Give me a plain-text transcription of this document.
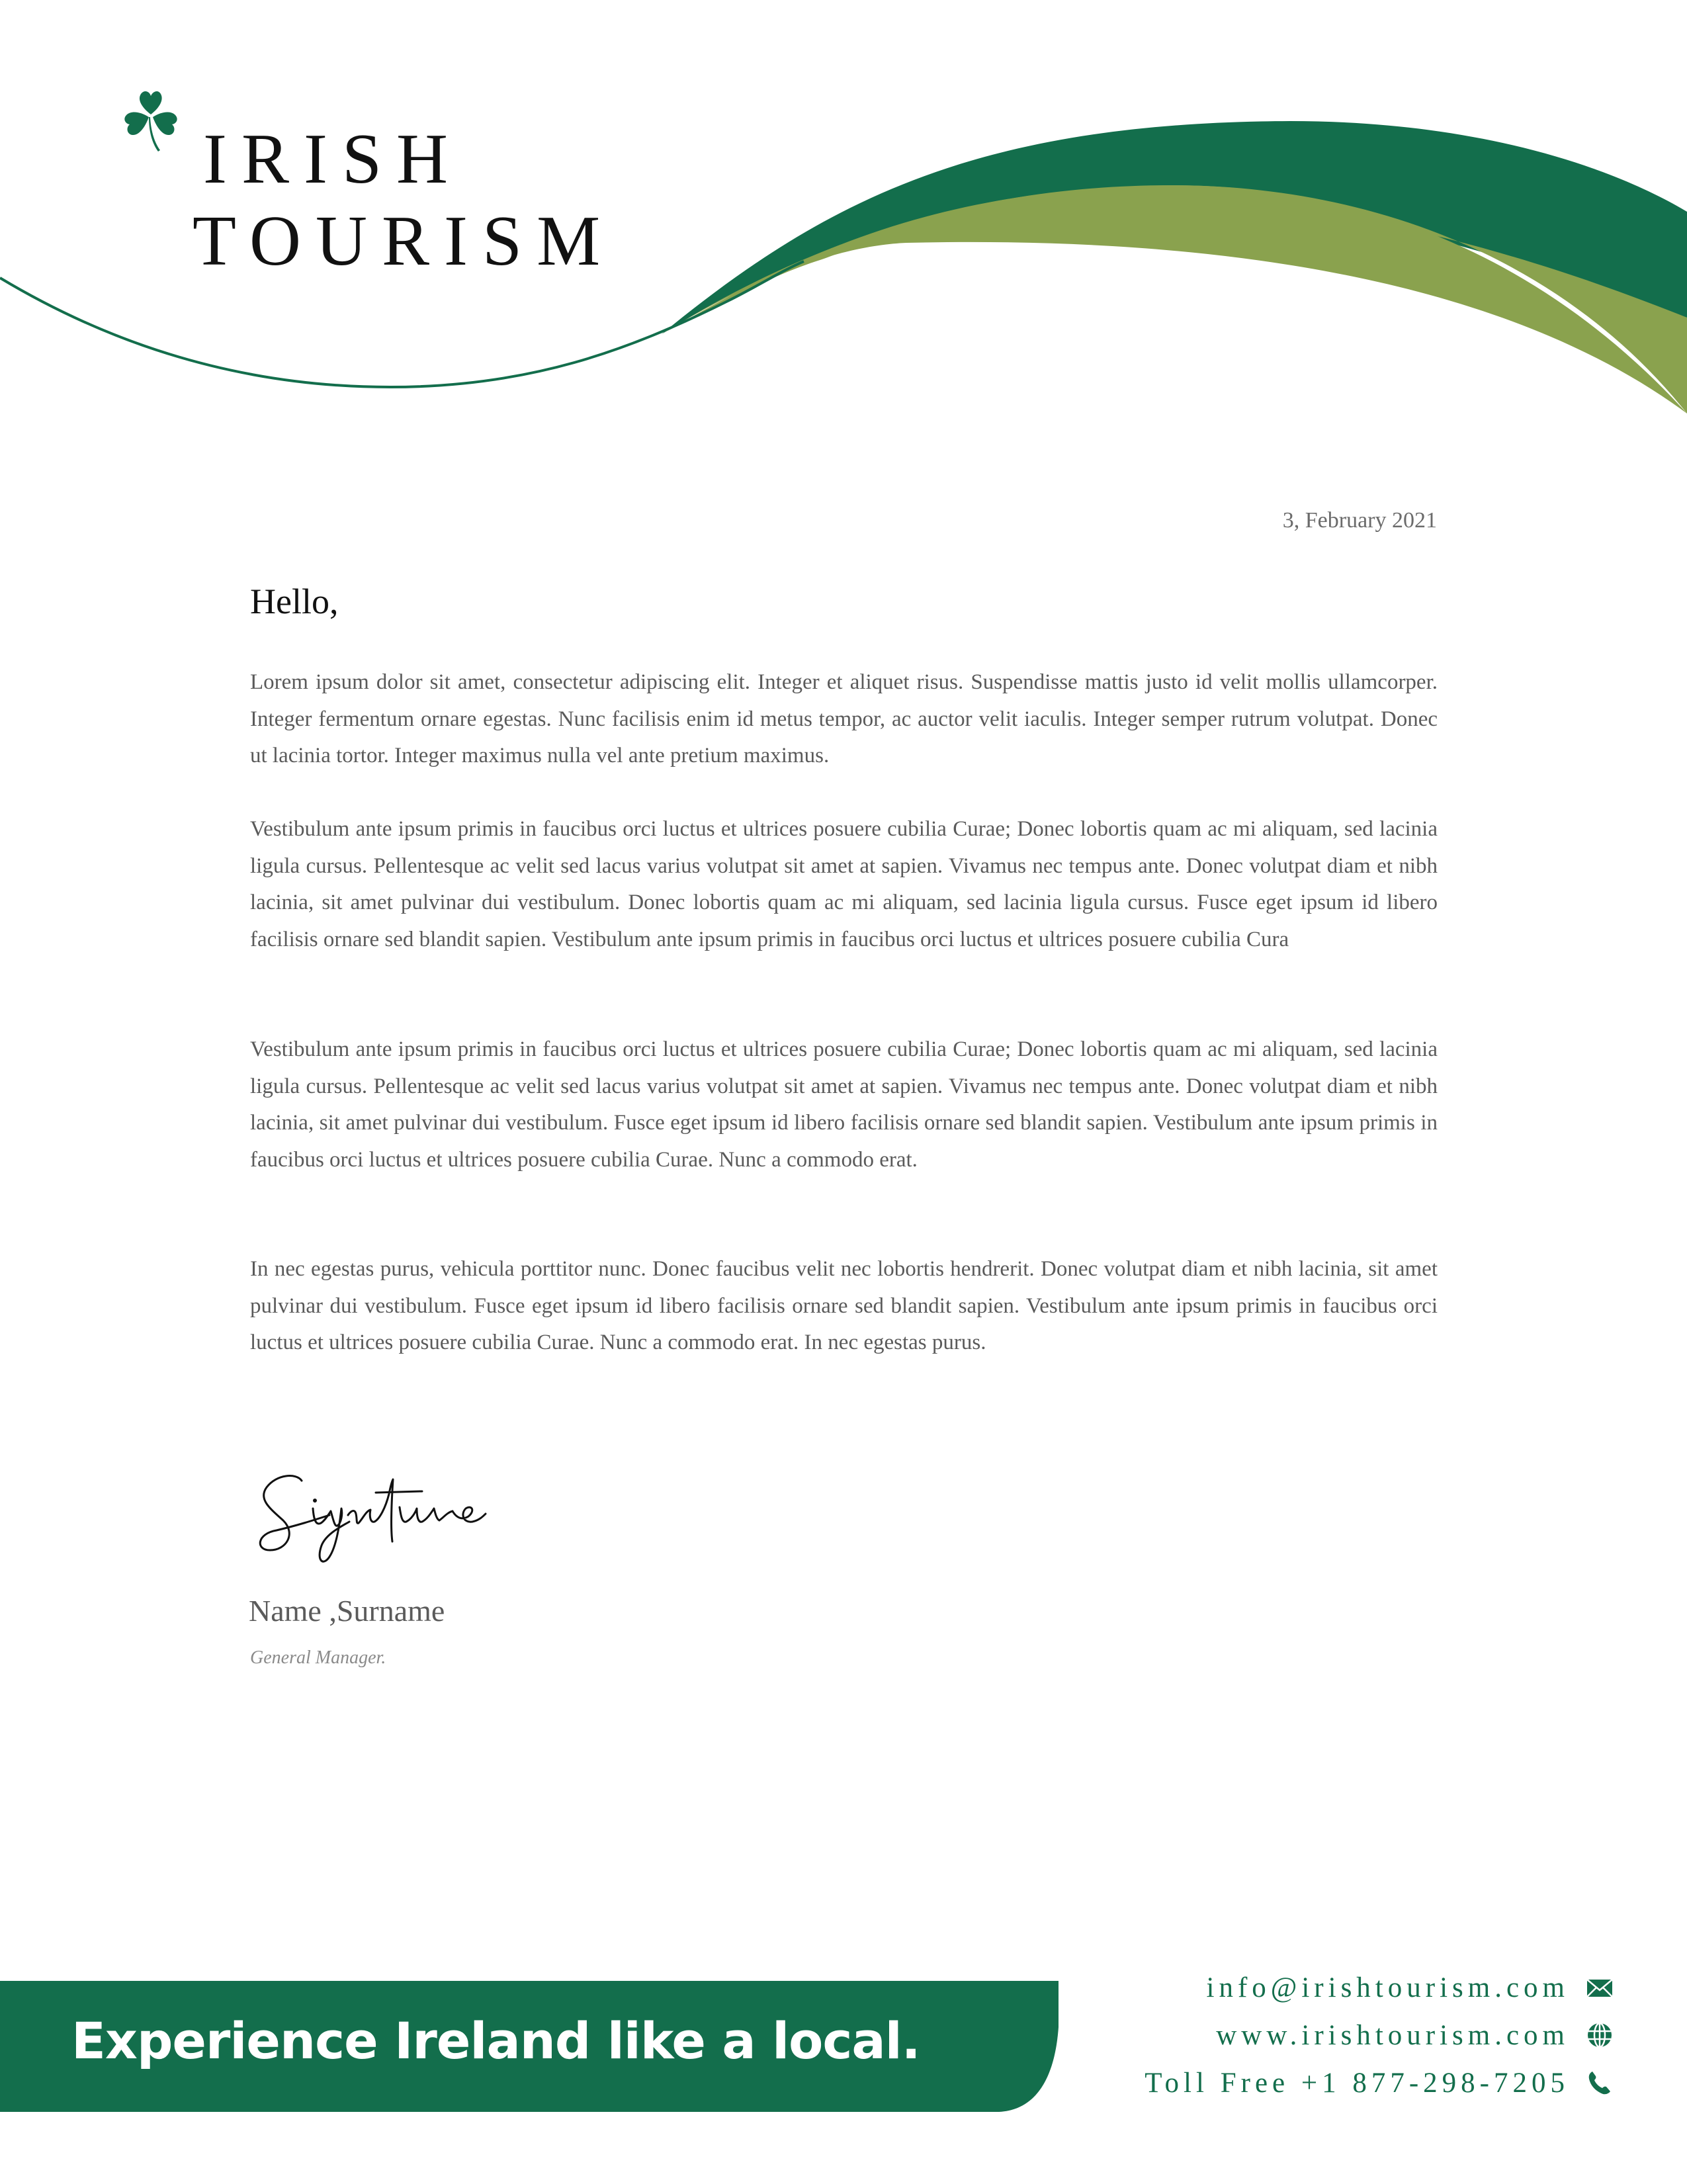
IRISH
TOURISM
3, February 2021
Hello,

Lorem ipsum dolor sit amet, consectetur adipiscing elit. Integer et aliquet risus. Suspendisse mattis justo id velit mollis ullamcorper. Integer fermentum ornare egestas. Nunc facilisis enim id metus tempor, ac auctor velit iaculis. Integer semper rutrum volutpat. Donec ut lacinia tortor. Integer maximus nulla vel ante pretium maximus.

Vestibulum ante ipsum primis in faucibus orci luctus et ultrices posuere cubilia Curae; Donec lobortis quam ac mi aliquam, sed lacinia ligula cursus. Pellentesque ac velit sed lacus varius volutpat sit amet at sapien. Vivamus nec tempus ante. Donec volutpat diam et nibh lacinia, sit amet pulvinar dui vestibulum. Donec lobortis quam ac mi aliquam, sed lacinia ligula cursus. Fusce eget ipsum id libero facilisis ornare sed blandit sapien. Vestibulum ante ipsum primis in faucibus orci luctus et ultrices posuere cubilia Cura

Vestibulum ante ipsum primis in faucibus orci luctus et ultrices posuere cubilia Curae; Donec lobortis quam ac mi aliquam, sed lacinia ligula cursus. Pellentesque ac velit sed lacus varius volutpat sit amet at sapien. Vivamus nec tempus ante. Donec volutpat diam et nibh lacinia, sit amet pulvinar dui vestibulum. Fusce eget ipsum id libero facilisis ornare sed blandit sapien. Vestibulum ante ipsum primis in faucibus orci luctus et ultrices posuere cubilia Curae. Nunc a commodo erat.

In nec egestas purus, vehicula porttitor nunc. Donec faucibus velit nec lobortis hendrerit. Donec volutpat diam et nibh lacinia, sit amet pulvinar dui vestibulum. Fusce eget ipsum id libero facilisis ornare sed blandit sapien. Vestibulum ante ipsum primis in faucibus orci luctus et ultrices posuere cubilia Curae. Nunc a commodo erat. In nec egestas purus.

Name ,Surname
General Manager.
Experience Ireland like a local.
info@irishtourism.com
www.irishtourism.com
Toll Free +1 877-298-7205
